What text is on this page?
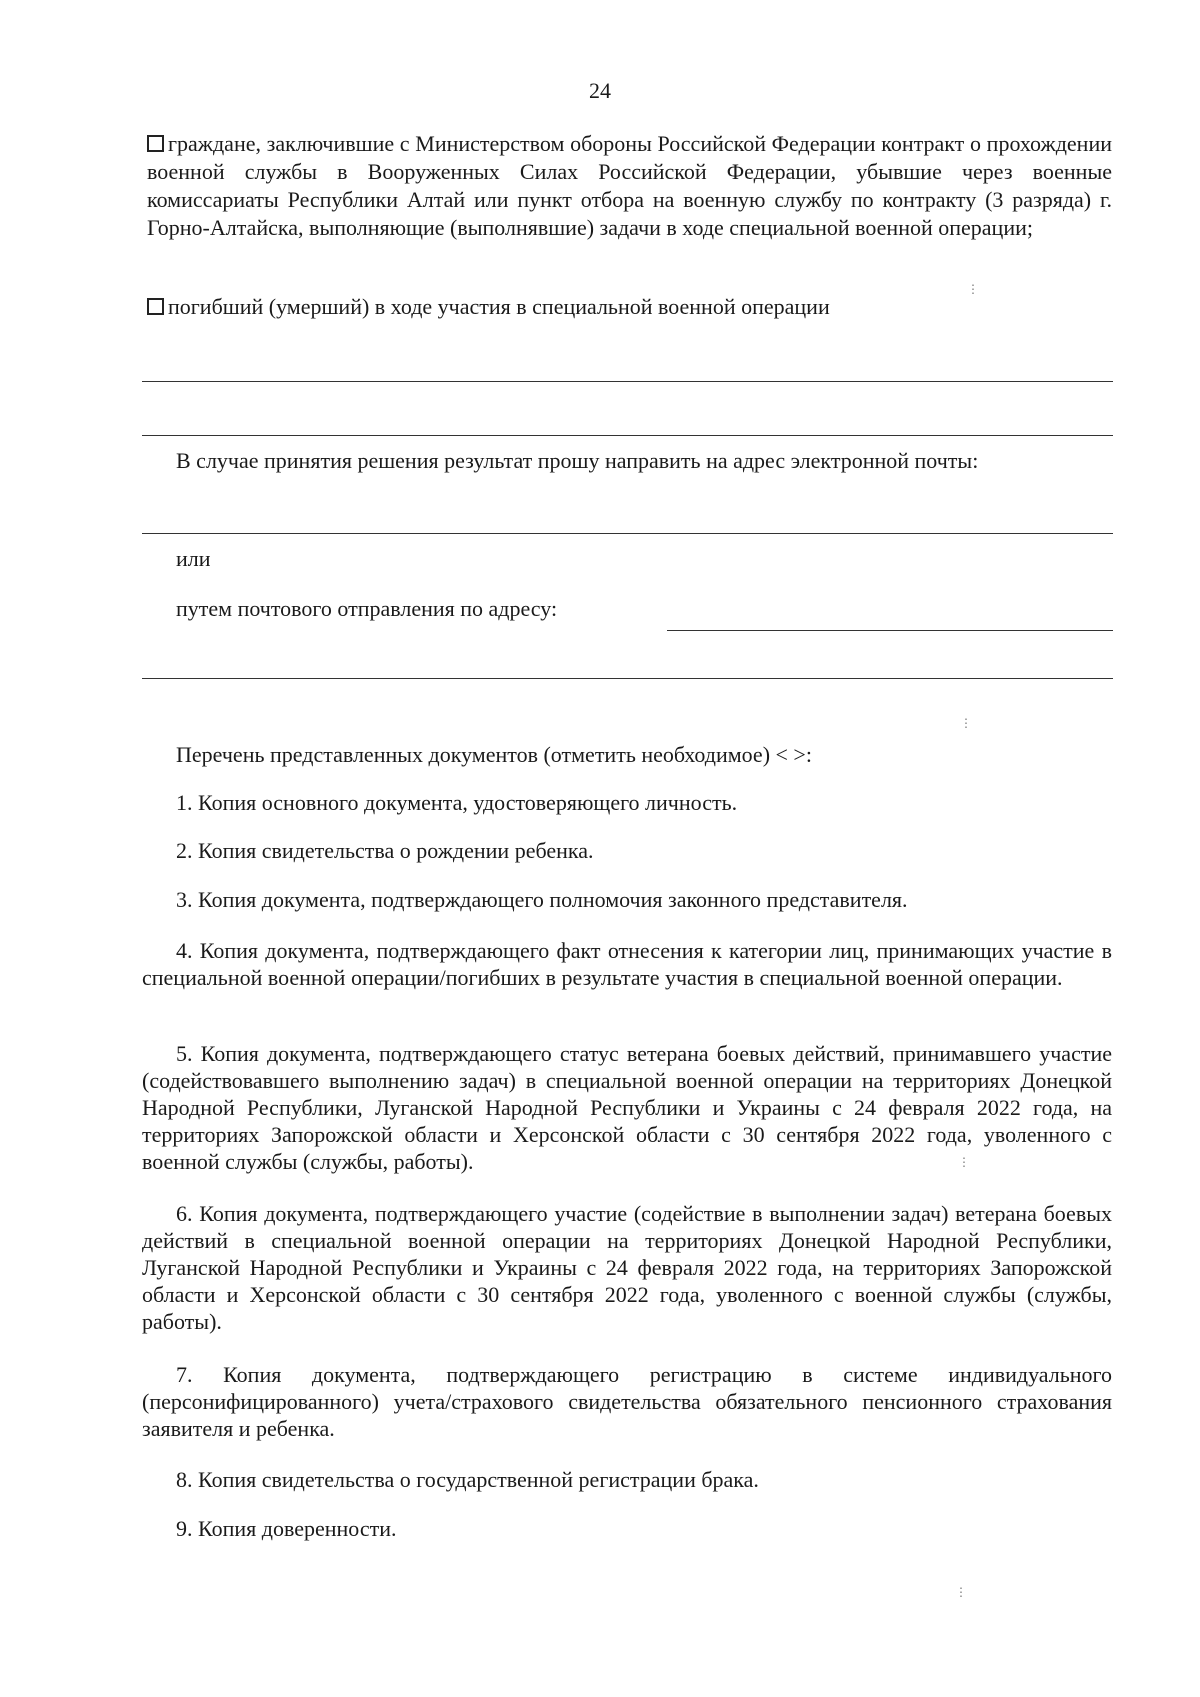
24
граждане, заключившие с Министерством обороны Российской Федерации контракт о прохождении военной службы в Вооруженных Силах Российской Федерации, убывшие через военные комиссариаты Республики Алтай или пункт отбора на военную службу по контракту (3 разряда) г. Горно-Алтайска, выполняющие (выполнявшие) задачи в ходе специальной военной операции;
погибший (умерший) в ходе участия в специальной военной операции
В случае принятия решения результат прошу направить на адрес электронной почты:
или
путем почтового отправления по адресу:
Перечень представленных документов (отметить необходимое) < >:
1. Копия основного документа, удостоверяющего личность.
2. Копия свидетельства о рождении ребенка.
3. Копия документа, подтверждающего полномочия законного представителя.
4. Копия документа, подтверждающего факт отнесения к категории лиц, принимающих участие в специальной военной операции/погибших в результате участия в специальной военной операции.
5. Копия документа, подтверждающего статус ветерана боевых действий, принимавшего участие (содействовавшего выполнению задач) в специальной военной операции на территориях Донецкой Народной Республики, Луганской Народной Республики и Украины с 24 февраля 2022 года, на территориях Запорожской области и Херсонской области с 30 сентября 2022 года, уволенного с военной службы (службы, работы).
6. Копия документа, подтверждающего участие (содействие в выполнении задач) ветерана боевых действий в специальной военной операции на территориях Донецкой Народной Республики, Луганской Народной Республики и Украины с 24 февраля 2022 года, на территориях Запорожской области и Херсонской области с 30 сентября 2022 года, уволенного с военной службы (службы, работы).
7. Копия документа, подтверждающего регистрацию в системе индивидуального (персонифицированного) учета/страхового свидетельства обязательного пенсионного страхования заявителя и ребенка.
8. Копия свидетельства о государственной регистрации брака.
9. Копия доверенности.
⋮
⋮
⋮
⋮
